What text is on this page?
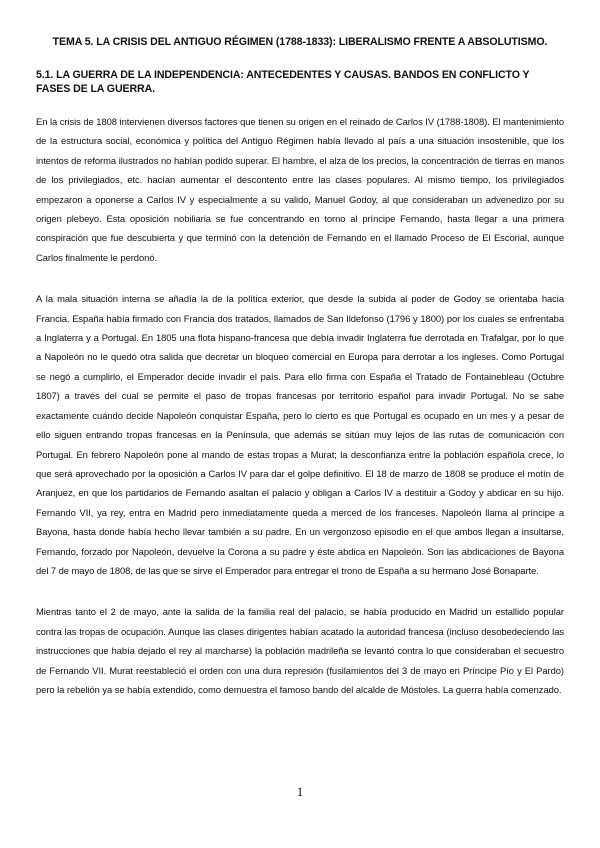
TEMA 5. LA CRISIS DEL ANTIGUO RÉGIMEN (1788-1833): LIBERALISMO FRENTE A ABSOLUTISMO.
5.1. LA GUERRA DE LA INDEPENDENCIA: ANTECEDENTES Y CAUSAS. BANDOS EN CONFLICTO Y FASES DE LA GUERRA.

En la crisis de 1808 intervienen diversos factores que tienen su origen en el reinado de Carlos IV (1788-1808). El mantenimiento de la estructura social, económica y política del Antiguo Régimen había llevado al país a una situación insostenible, que los intentos de reforma ilustrados no habían podido superar. El hambre, el alza de los precios, la concentración de tierras en manos de los privilegiados, etc. hacían aumentar el descontento entre las clases populares. Al mismo tiempo, los privilegiados empezaron a oponerse a Carlos IV y especialmente a su valido, Manuel Godoy, al que consideraban un advenedizo por su origen plebeyo. Esta oposición nobiliaria se fue concentrando en torno al príncipe Fernando, hasta llegar a una primera conspiración que fue descubierta y que terminó con la detención de Fernando en el llamado Proceso de El Escorial, aunque Carlos finalmente le perdonó.

A la mala situación interna se añadía la de la política exterior, que desde la subida al poder de Godoy se orientaba hacia Francia. España había firmado con Francia dos tratados, llamados de San Ildefonso (1796 y 1800) por los cuales se enfrentaba a Inglaterra y a Portugal. En 1805 una flota hispano-francesa que debía invadir Inglaterra fue derrotada en Trafalgar, por lo que a Napoleón no le quedó otra salida que decretar un bloqueo comercial en Europa para derrotar a los ingleses. Como Portugal se negó a cumplirlo, el Emperador decide invadir el país. Para ello firma con España el Tratado de Fontainebleau (Octubre 1807) a través del cual se permite el paso de tropas francesas por territorio español para invadir Portugal. No se sabe exactamente cuándo decide Napoleón conquistar España, pero lo cierto es que Portugal es ocupado en un mes y a pesar de ello siguen entrando tropas francesas en la Península, que además se sitúan muy lejos de las rutas de comunicación con Portugal. En febrero Napoleón pone al mando de estas tropas a Murat; la desconfianza entre la población española crece, lo que será aprovechado por la oposición a Carlos IV para dar el golpe definitivo. El 18 de marzo de 1808 se produce el motín de Aranjuez, en que los partidarios de Fernando asaltan el palacio y obligan a Carlos IV a destituir a Godoy y abdicar en su hijo. Fernando VII, ya rey, entra en Madrid pero inmediatamente queda a merced de los franceses. Napoleón llama al príncipe a Bayona, hasta donde había hecho llevar también a su padre. En un vergonzoso episodio en el que ambos llegan a insultarse, Fernando, forzado por Napoleón, devuelve la Corona a su padre y éste abdica en Napoleón. Son las abdicaciones de Bayona del 7 de mayo de 1808, de las que se sirve el Emperador para entregar el trono de España a su hermano José Bonaparte.

Mientras tanto el 2 de mayo, ante la salida de la familia real del palacio, se había producido en Madrid un estallido popular contra las tropas de ocupación. Aunque las clases dirigentes habían acatado la autoridad francesa (incluso desobedeciendo las instrucciones que había dejado el rey al marcharse) la población madrileña se levantó contra lo que consideraban el secuestro de Fernando VII. Murat reestableció el orden con una dura represión (fusilamientos del 3 de mayo en Príncipe Pío y El Pardo) pero la rebelión ya se había extendido, como demuestra el famoso bando del alcalde de Móstoles. La guerra había comenzado.

1
